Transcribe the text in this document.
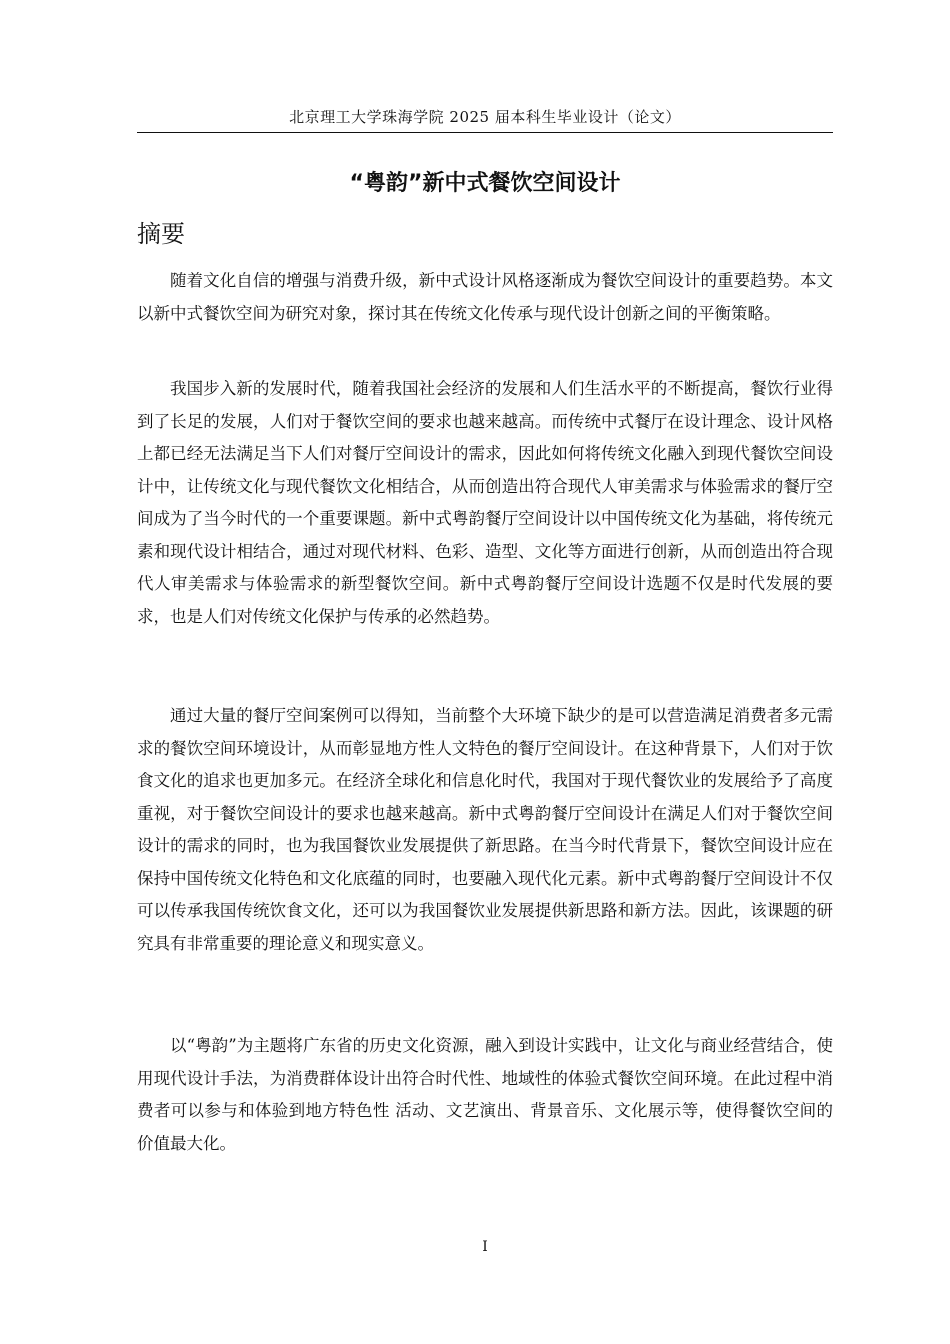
北京理工大学珠海学院 2025 届本科生毕业设计（论文）
“粤韵”新中式餐饮空间设计
摘要

随着文化自信的增强与消费升级，新中式设计风格逐渐成为餐饮空间设计的重要趋势。本文以新中式餐饮空间为研究对象，探讨其在传统文化传承与现代设计创新之间的平衡策略。

我国步入新的发展时代，随着我国社会经济的发展和人们生活水平的不断提高，餐饮行业得到了长足的发展，人们对于餐饮空间的要求也越来越高。而传统中式餐厅在设计理念、设计风格上都已经无法满足当下人们对餐厅空间设计的需求，因此如何将传统文化融入到现代餐饮空间设计中，让传统文化与现代餐饮文化相结合，从而创造出符合现代人审美需求与体验需求的餐厅空间成为了当今时代的一个重要课题。新中式粤韵餐厅空间设计以中国传统文化为基础，将传统元素和现代设计相结合，通过对现代材料、色彩、造型、文化等方面进行创新，从而创造出符合现代人审美需求与体验需求的新型餐饮空间。新中式粤韵餐厅空间设计选题不仅是时代发展的要求，也是人们对传统文化保护与传承的必然趋势。

通过大量的餐厅空间案例可以得知，当前整个大环境下缺少的是可以营造满足消费者多元需求的餐饮空间环境设计，从而彰显地方性人文特色的餐厅空间设计。在这种背景下，人们对于饮食文化的追求也更加多元。在经济全球化和信息化时代，我国对于现代餐饮业的发展给予了高度重视，对于餐饮空间设计的要求也越来越高。新中式粤韵餐厅空间设计在满足人们对于餐饮空间设计的需求的同时，也为我国餐饮业发展提供了新思路。在当今时代背景下，餐饮空间设计应在保持中国传统文化特色和文化底蕴的同时，也要融入现代化元素。新中式粤韵餐厅空间设计不仅可以传承我国传统饮食文化，还可以为我国餐饮业发展提供新思路和新方法。因此，该课题的研究具有非常重要的理论意义和现实意义。

以“粤韵”为主题将广东省的历史文化资源，融入到设计实践中，让文化与商业经营结合，使用现代设计手法，为消费群体设计出符合时代性、地域性的体验式餐饮空间环境。在此过程中消费者可以参与和体验到地方特色性 活动、文艺演出、背景音乐、文化展示等，使得餐饮空间的价值最大化。

I
